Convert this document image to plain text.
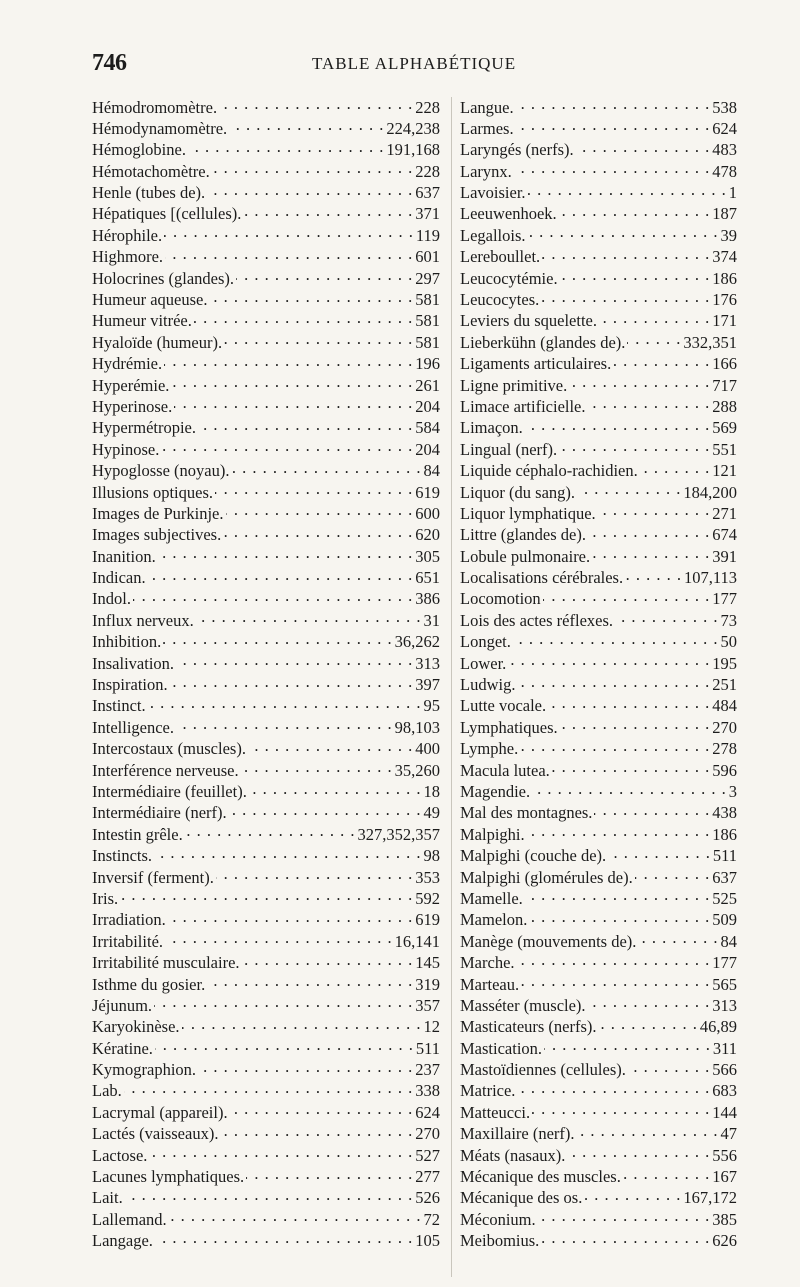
746	TABLE ALPHABÉTIQUE
Hémodromomètre. . . .	228
Hémodynamomètre. . . .	224,238
Hémoglobine. . . .	191,168
Hémotachomètre. . . .	228
Henle (tubes de). . . .	637
Hépatiques [(cellules). . . .	371
Hérophile. . . .	119
Highmore. . . .	601
Holocrines (glandes). . . .	297
Humeur aqueuse. . . .	581
Humeur vitrée. . . .	581
Hyaloïde (humeur). . . .	581
Hydrémie. . . .	196
Hyperémie. . . .	261
Hyperinose. . . .	204
Hypermétropie. . . .	584
Hypinose. . . .	204
Hypoglosse (noyau). . . .	84
Illusions optiques. . . .	619
Images de Purkinje. . . .	600
Images subjectives. . . .	620
Inanition. . . .	305
Indican. . . .	651
Indol. . . .	386
Influx nerveux. . . .	31
Inhibition. . . .	36,262
Insalivation. . . .	313
Inspiration. . . .	397
Instinct. . . .	95
Intelligence. . . .	98,103
Intercostaux (muscles). . . .	400
Interférence nerveuse. . . .	35,260
Intermédiaire (feuillet). . . .	18
Intermédiaire (nerf). . . .	49
Intestin grêle. . . .	327,352,357
Instincts. . . .	98
Inversif (ferment). . . .	353
Iris. . . .	592
Irradiation. . . .	619
Irritabilité. . . .	16,141
Irritabilité musculaire. . . .	145
Isthme du gosier. . . .	319
Jéjunum. . . .	357
Karyokinèse. . . .	12
Kératine. . . .	511
Kymographion. . . .	237
Lab. . . .	338
Lacrymal (appareil). . . .	624
Lactés (vaisseaux). . . .	270
Lactose. . . .	527
Lacunes lymphatiques. . . .	277
Lait. . . .	526
Lallemand. . . .	72
Langage. . . .	105
Langue. . . .	538
Larmes. . . .	624
Laryngés (nerfs). . . .	483
Larynx. . . .	478
Lavoisier. . . .	1
Leeuwenhoek. . . .	187
Legallois. . . .	39
Lereboullet. . . .	374
Leucocytémie. . . .	186
Leucocytes. . . .	176
Leviers du squelette. . . .	171
Lieberkühn (glandes de). . . .	332,351
Ligaments articulaires. . . .	166
Ligne primitive. . . .	717
Limace artificielle. . . .	288
Limaçon. . . .	569
Lingual (nerf). . . .	551
Liquide céphalo-rachidien. . . .	121
Liquor (du sang). . . .	184,200
Liquor lymphatique. . . .	271
Littre (glandes de). . . .	674
Lobule pulmonaire. . . .	391
Localisations cérébrales. . . .	107,113
Locomotion . . .	177
Lois des actes réflexes. . . .	73
Longet. . . .	50
Lower. . . .	195
Ludwig. . . .	251
Lutte vocale. . . .	484
Lymphatiques. . . .	270
Lymphe. . . .	278
Macula lutea. . . .	596
Magendie. . . .	3
Mal des montagnes. . . .	438
Malpighi. . . .	186
Malpighi (couche de). . . .	511
Malpighi (glomérules de). . . .	637
Mamelle. . . .	525
Mamelon. . . .	509
Manège (mouvements de). . . .	84
Marche. . . .	177
Marteau. . . .	565
Masséter (muscle). . . .	313
Masticateurs (nerfs). . . .	46,89
Mastication. . . .	311
Mastoïdiennes (cellules). . . .	566
Matrice. . . .	683
Matteucci. . . .	144
Maxillaire (nerf). . . .	47
Méats (nasaux). . . .	556
Mécanique des muscles. . . .	167
Mécanique des os. . . .	167,172
Méconium. . . .	385
Meibomius. . . .	626
